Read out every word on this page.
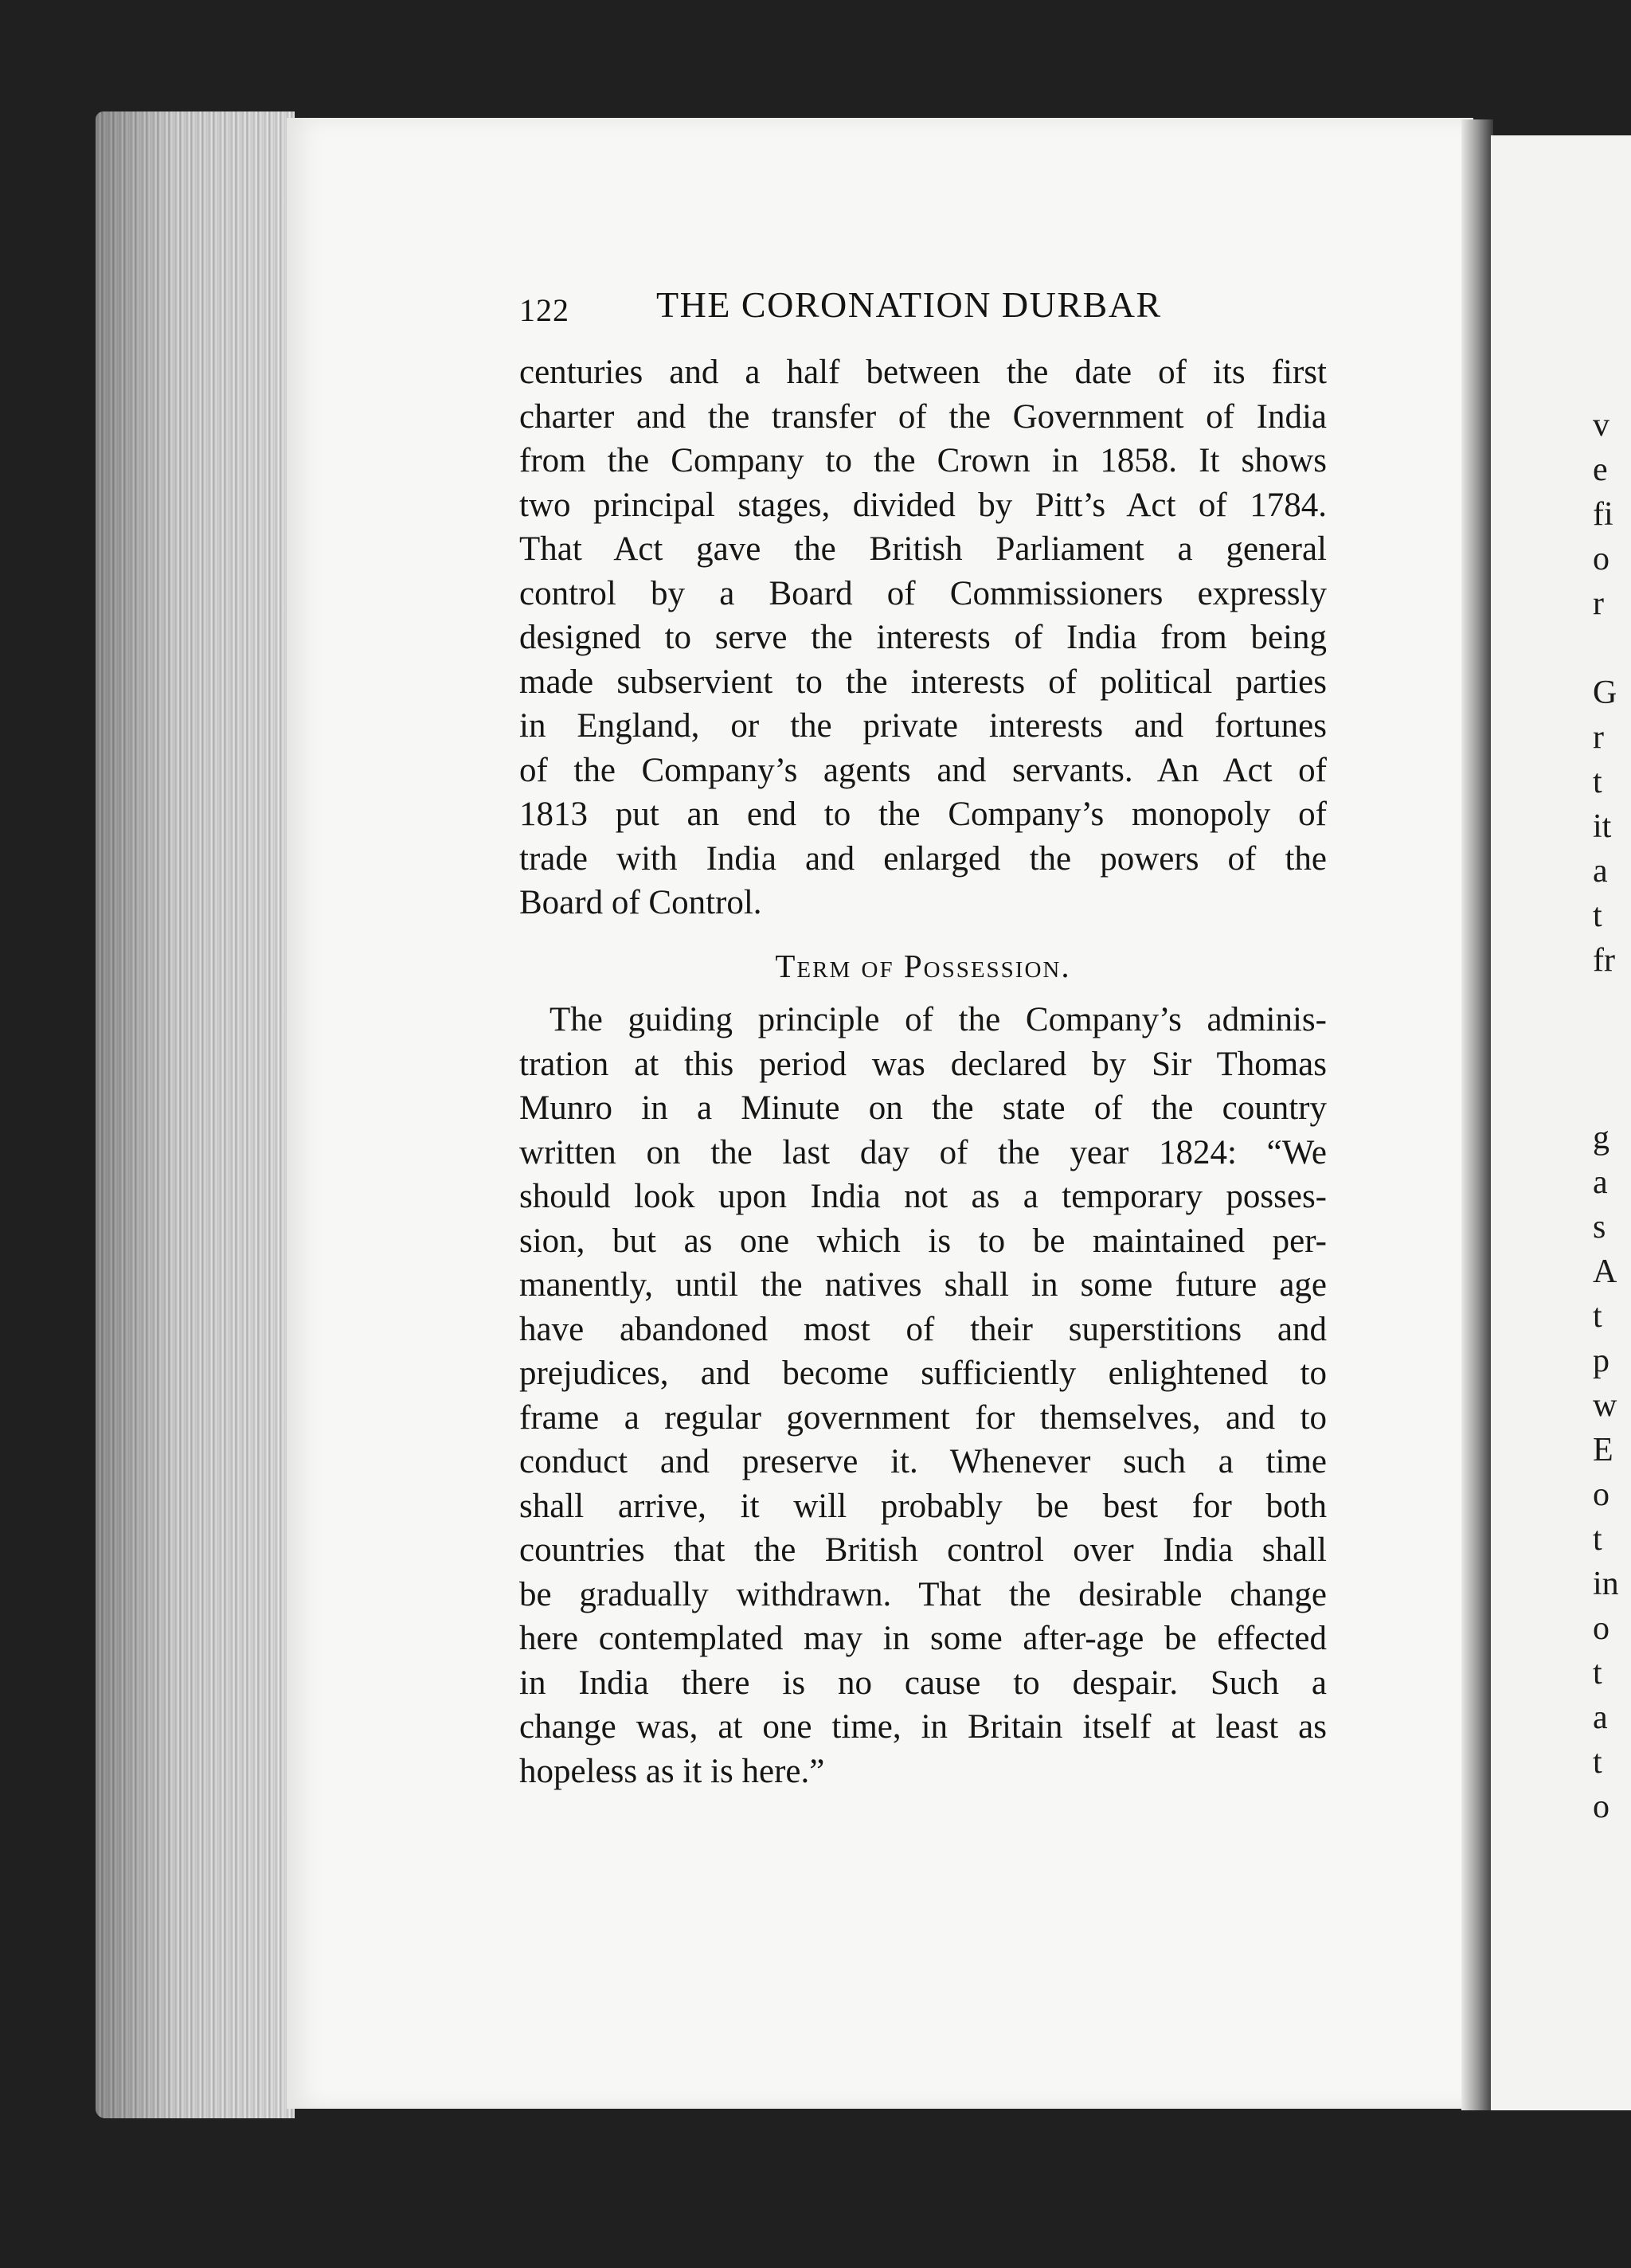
v
e
fi
o
r
G
r
t
it
a
t
fr
g
a
s
A
t
p
w
E
o
t
in
o
t
a
t
o
122 THE CORONATION DURBAR
centuries and a half between the date of its first
charter and the transfer of the Government of India
from the Company to the Crown in 1858. It shows
two principal stages, divided by Pitt’s Act of 1784.
That Act gave the British Parliament a general
control by a Board of Commissioners expressly
designed to serve the interests of India from being
made subservient to the interests of political parties
in England, or the private interests and fortunes
of the Company’s agents and servants. An Act of
1813 put an end to the Company’s monopoly of
trade with India and enlarged the powers of the
Board of Control.
Term of Possession.
The guiding principle of the Company’s adminis-
tration at this period was declared by Sir Thomas
Munro in a Minute on the state of the country
written on the last day of the year 1824: “We
should look upon India not as a temporary posses-
sion, but as one which is to be maintained per-
manently, until the natives shall in some future age
have abandoned most of their superstitions and
prejudices, and become sufficiently enlightened to
frame a regular government for themselves, and to
conduct and preserve it. Whenever such a time
shall arrive, it will probably be best for both
countries that the British control over India shall
be gradually withdrawn. That the desirable change
here contemplated may in some after-age be effected
in India there is no cause to despair. Such a
change was, at one time, in Britain itself at least as
hopeless as it is here.”
